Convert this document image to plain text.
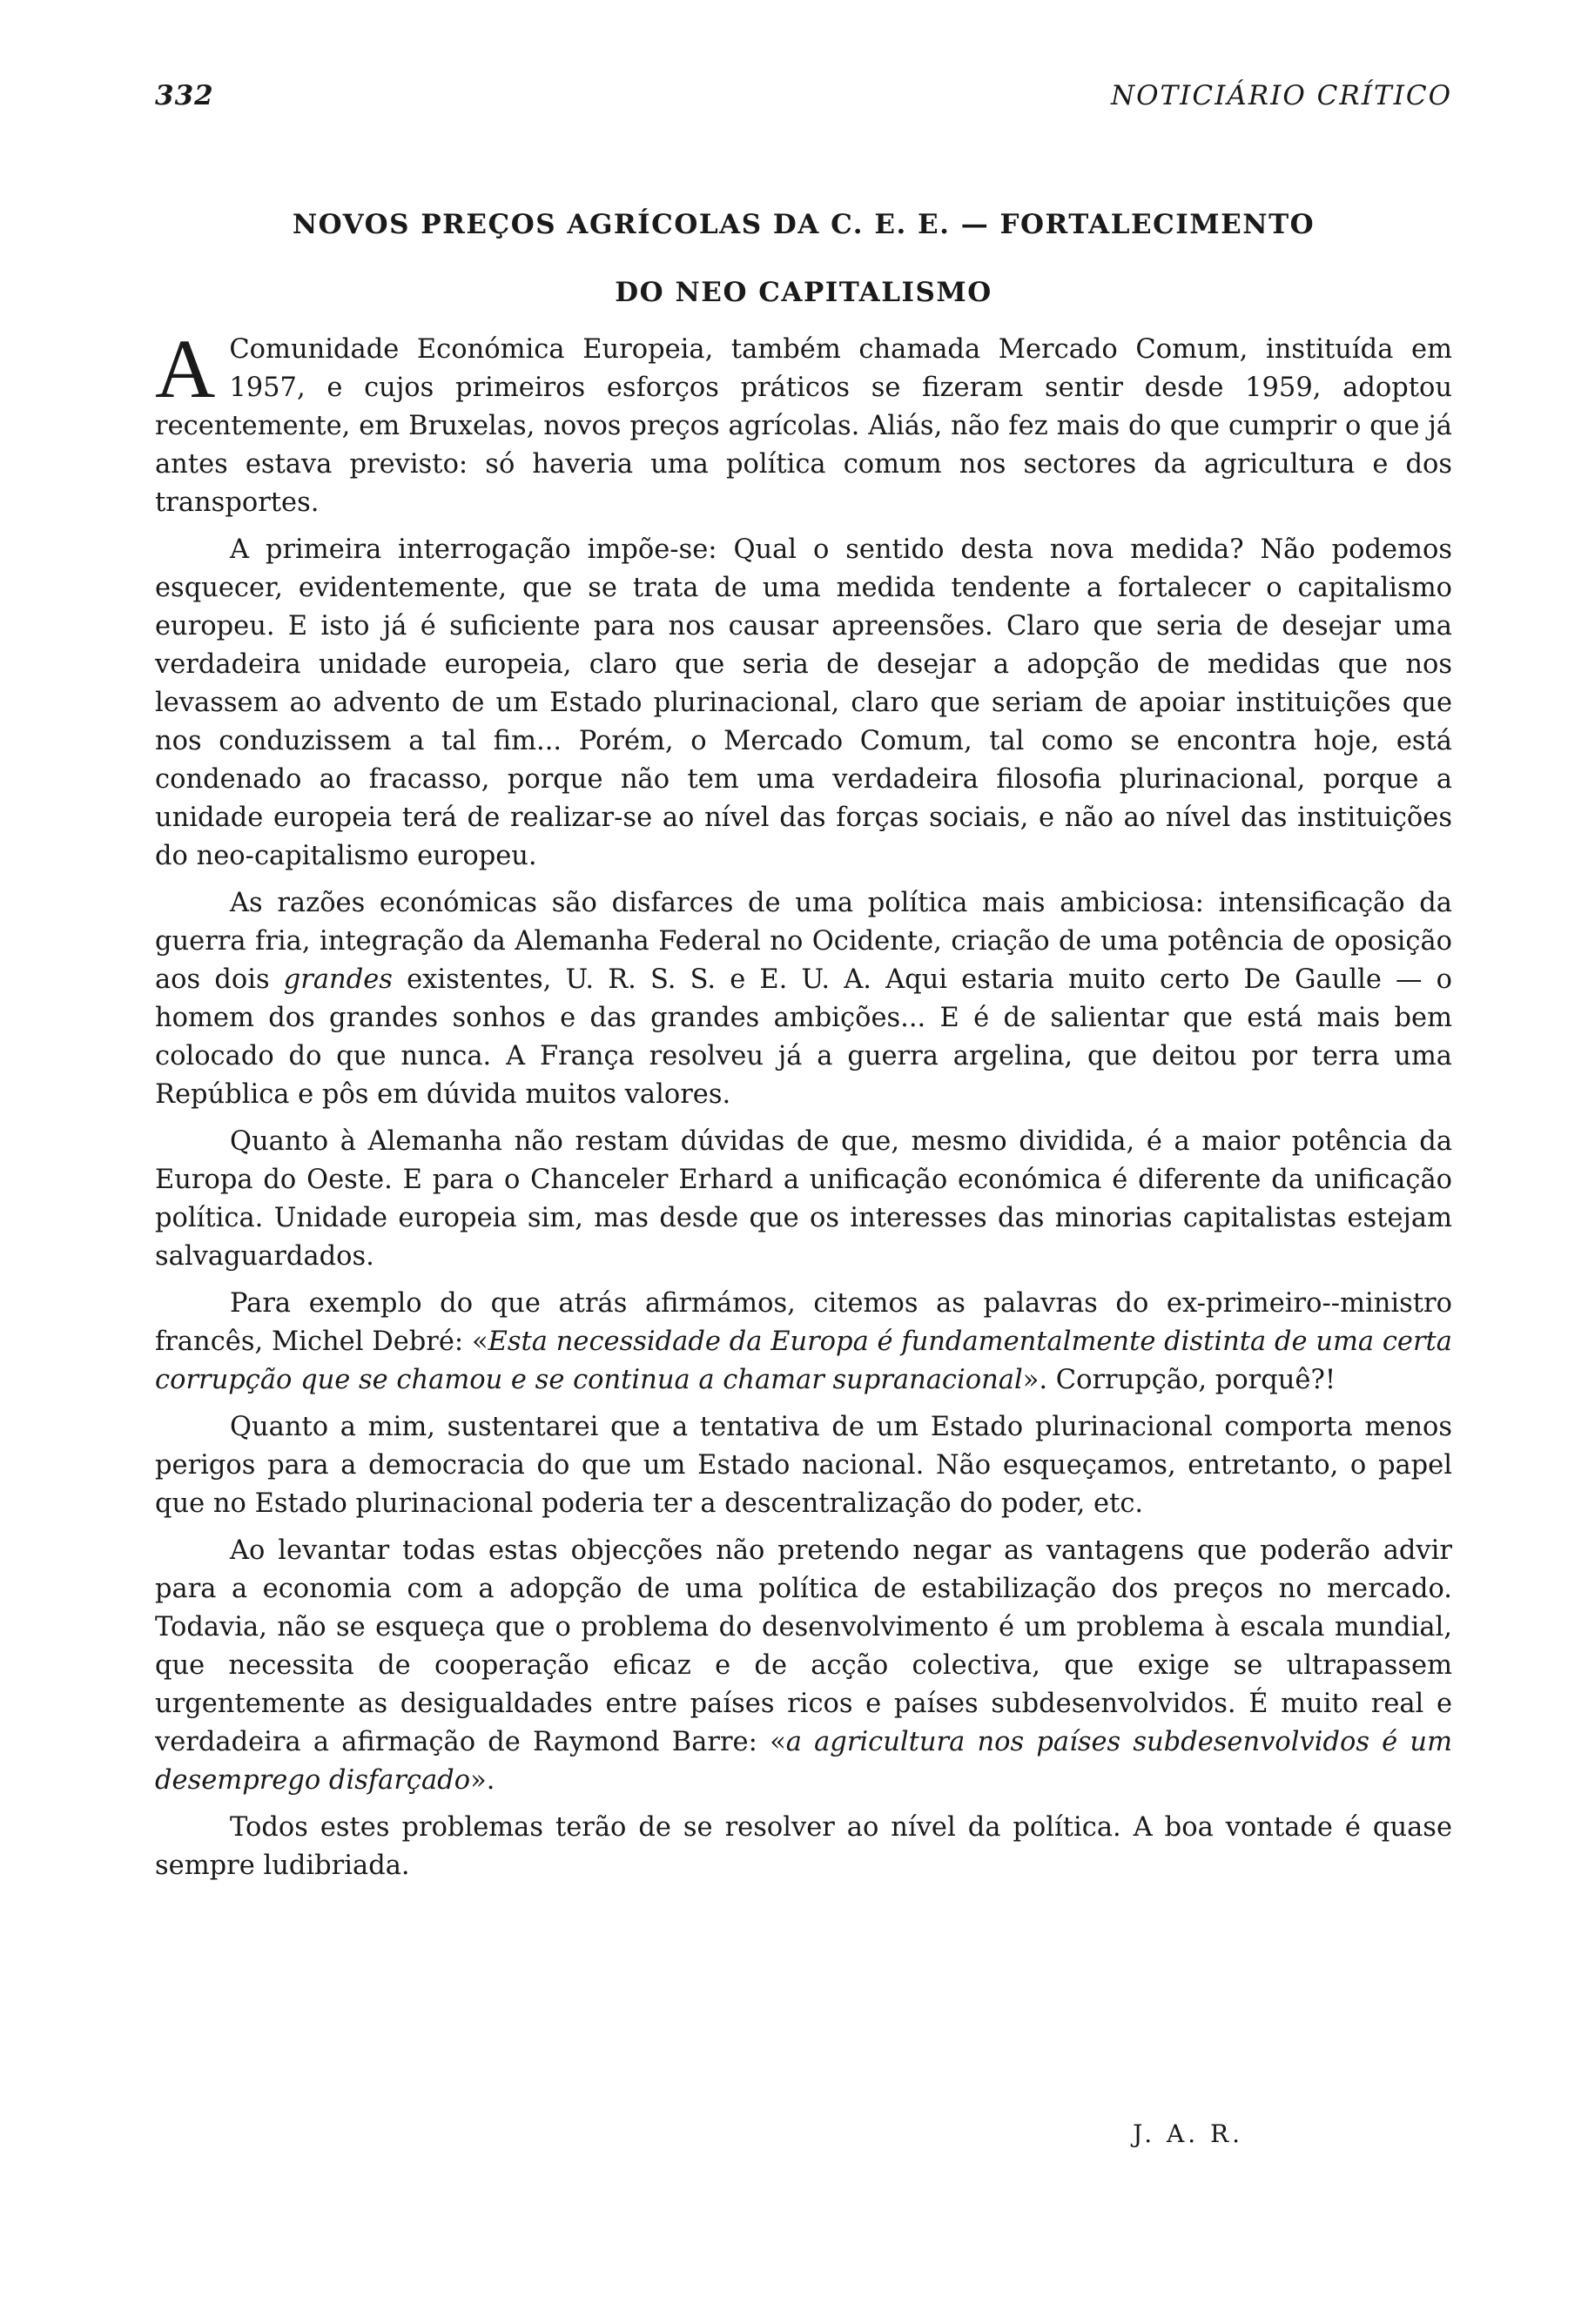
332	NOTICIÁRIO CRÍTICO
NOVOS PREÇOS AGRÍCOLAS DA C. E. E. — FORTALECIMENTO
DO NEO CAPITALISMO

A Comunidade Económica Europeia, também chamada Mercado Comum, instituída em 1957, e cujos primeiros esforços práticos se fizeram sentir desde 1959, adoptou recentemente, em Bruxelas, novos preços agrícolas. Aliás, não fez mais do que cumprir o que já antes estava previsto: só haveria uma política comum nos sectores da agricultura e dos transportes.

A primeira interrogação impõe-se: Qual o sentido desta nova medida? Não podemos esquecer, evidentemente, que se trata de uma medida tendente a fortalecer o capitalismo europeu. E isto já é suficiente para nos causar apreensões. Claro que seria de desejar uma verdadeira unidade europeia, claro que seria de desejar a adopção de medidas que nos levassem ao advento de um Estado plurinacional, claro que seriam de apoiar instituições que nos conduzissem a tal fim... Porém, o Mercado Comum, tal como se encontra hoje, está condenado ao fracasso, porque não tem uma verdadeira filosofia plurinacional, porque a unidade europeia terá de realizar-se ao nível das forças sociais, e não ao nível das instituições do neo-capitalismo europeu.

As razões económicas são disfarces de uma política mais ambiciosa: intensificação da guerra fria, integração da Alemanha Federal no Ocidente, criação de uma potência de oposição aos dois grandes existentes, U. R. S. S. e E. U. A. Aqui estaria muito certo De Gaulle — o homem dos grandes sonhos e das grandes ambições... E é de salientar que está mais bem colocado do que nunca. A França resolveu já a guerra argelina, que deitou por terra uma República e pôs em dúvida muitos valores.

Quanto à Alemanha não restam dúvidas de que, mesmo dividida, é a maior potência da Europa do Oeste. E para o Chanceler Erhard a unificação económica é diferente da unificação política. Unidade europeia sim, mas desde que os interesses das minorias capitalistas estejam salvaguardados.

Para exemplo do que atrás afirmámos, citemos as palavras do ex-primeiro--ministro francês, Michel Debré: «Esta necessidade da Europa é fundamentalmente distinta de uma certa corrupção que se chamou e se continua a chamar supranacional». Corrupção, porquê?!

Quanto a mim, sustentarei que a tentativa de um Estado plurinacional comporta menos perigos para a democracia do que um Estado nacional. Não esqueçamos, entretanto, o papel que no Estado plurinacional poderia ter a descentralização do poder, etc.

Ao levantar todas estas objecções não pretendo negar as vantagens que poderão advir para a economia com a adopção de uma política de estabilização dos preços no mercado. Todavia, não se esqueça que o problema do desenvolvimento é um problema à escala mundial, que necessita de cooperação eficaz e de acção colectiva, que exige se ultrapassem urgentemente as desigualdades entre países ricos e países subdesenvolvidos. É muito real e verdadeira a afirmação de Raymond Barre: «a agricultura nos países subdesenvolvidos é um desemprego disfarçado».

Todos estes problemas terão de se resolver ao nível da política. A boa vontade é quase sempre ludibriada.

J. A. R.
